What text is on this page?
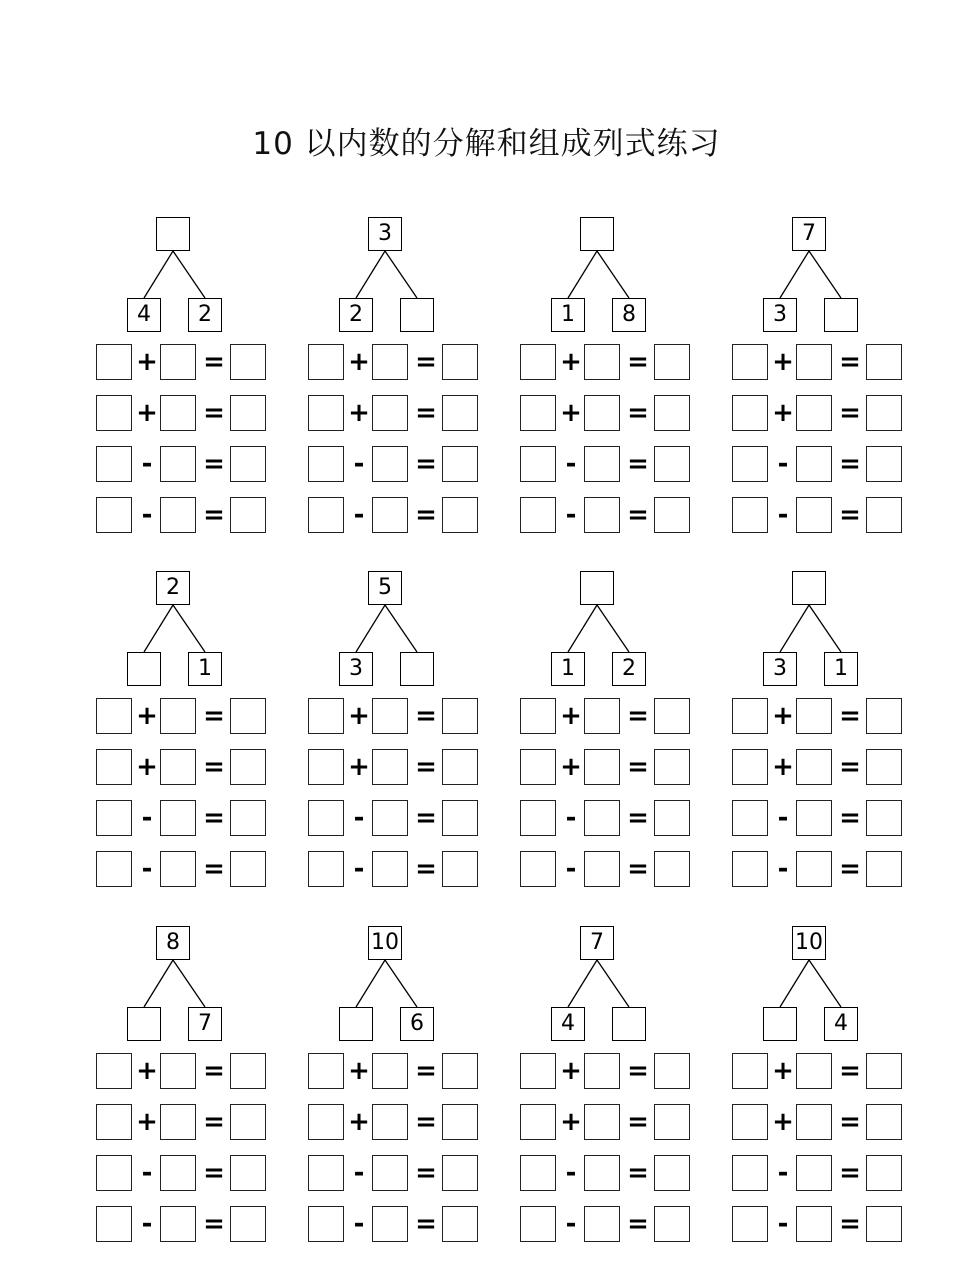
10 以内数的分解和组成列式练习
4	2
+ =
+ =
- =
- =
3
2
+ =
+ =
- =
- =
1	8
+ =
+ =
- =
- =
7
3
+ =
+ =
- =
- =
2
1
+ =
+ =
- =
- =
5
3
+ =
+ =
- =
- =
1	2
+ =
+ =
- =
- =
3	1
+ =
+ =
- =
- =
8
7
+ =
+ =
- =
- =
10
6
+ =
+ =
- =
- =
7
4
+ =
+ =
- =
- =
10
4
+ =
+ =
- =
- =
